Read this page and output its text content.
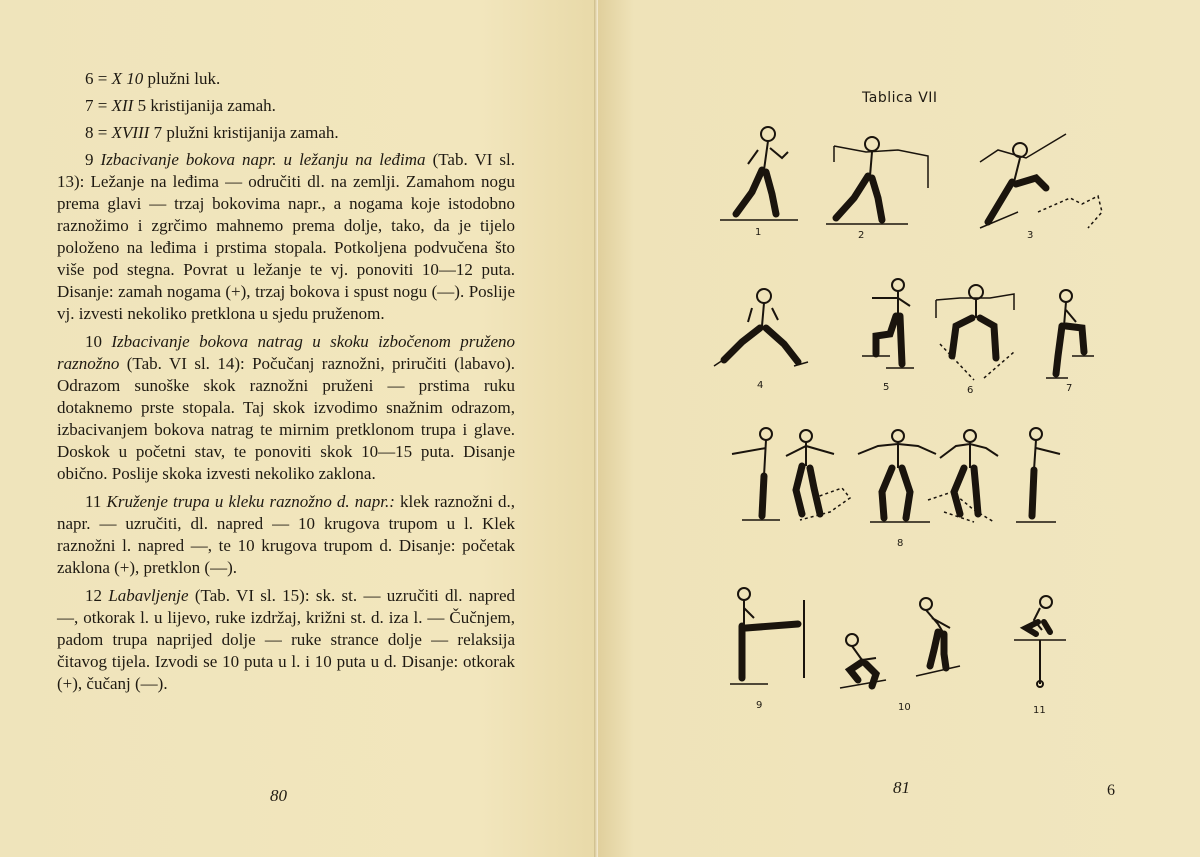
6 = X 10 plužni luk.

7 = XII 5 kristijanija zamah.

8 = XVIII 7 plužni kristijanija zamah.

9 Izbacivanje bokova napr. u ležanju na leđima (Tab. VI sl. 13): Ležanje na leđima — odručiti dl. na zemlji. Zamahom nogu prema glavi — trzaj bokovima napr., a nogama koje istodobno raznožimo i zgrčimo mahnemo prema dolje, tako, da je tijelo položeno na leđima i prstima stopala. Potkoljena podvučena što više pod stegna. Povrat u ležanje te vj. ponoviti 10—12 puta. Disanje: zamah nogama (+), trzaj bokova i spust nogu (—). Poslije vj. izvesti nekoliko pretklona u sjedu pruženom.

10 Izbacivanje bokova natrag u skoku izbočenom pruženo raznožno (Tab. VI sl. 14): Počučanj raznožni, priručiti (labavo). Odrazom sunoške skok raznožni pruženi — prstima ruku dotaknemo prste stopala. Taj skok izvodimo snažnim odrazom, izbacivanjem bokova natrag te mirnim pretklonom trupa i glave. Doskok u početni stav, te ponoviti skok 10—15 puta. Disanje obično. Poslije skoka izvesti nekoliko zaklona.

11 Kruženje trupa u kleku raznožno d. napr.: klek raznožni d., napr. — uzručiti, dl. napred — 10 krugova trupom u l. Klek raznožni l. napred —, te 10 krugova trupom d. Disanje: početak zaklona (+), pretklon (—).

12 Labavljenje (Tab. VI sl. 15): sk. st. — uzručiti dl. napred —, otkorak l. u lijevo, ruke izdržaj, križni st. d. iza l. — Čučnjem, padom trupa naprijed dolje — ruke strance dolje — relaksija čitavog tijela. Izvodi se 10 puta u l. i 10 puta u d. Disanje: otkorak (+), čučanj (—).

80
Tablica VII
1	2	3
4	5	6	7
8
9	10	11
81	6
